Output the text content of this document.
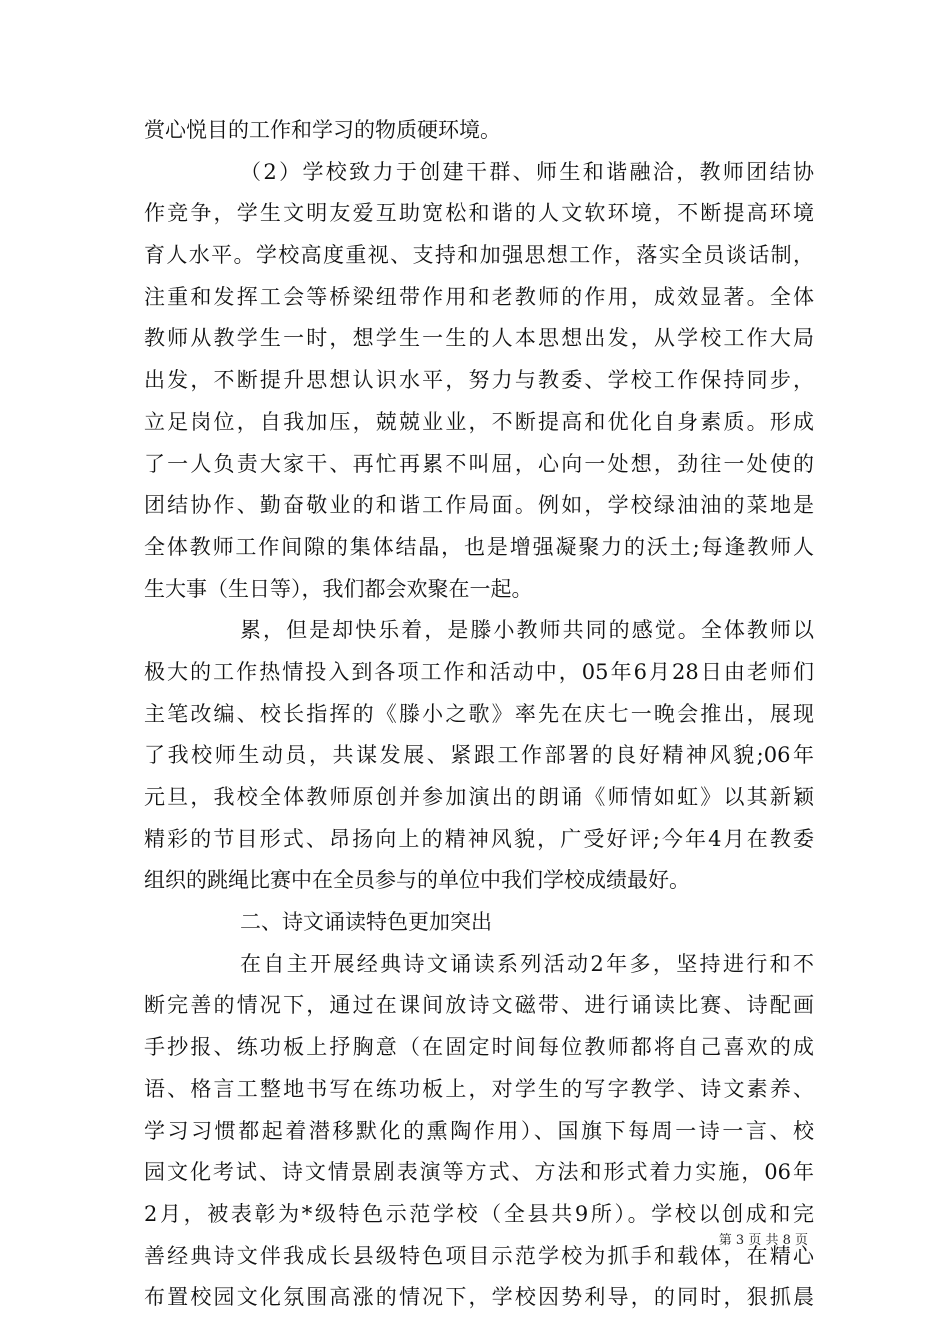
赏心悦目的工作和学习的物质硬环境。
（2）学校致力于创建干群、师生和谐融洽，教师团结协
作竞争，学生文明友爱互助宽松和谐的人文软环境，不断提高环境
育人水平。学校高度重视、支持和加强思想工作，落实全员谈话制，
注重和发挥工会等桥梁纽带作用和老教师的作用，成效显著。全体
教师从教学生一时，想学生一生的人本思想出发，从学校工作大局
出发，不断提升思想认识水平，努力与教委、学校工作保持同步，
立足岗位，自我加压，兢兢业业，不断提高和优化自身素质。形成
了一人负责大家干、再忙再累不叫屈，心向一处想，劲往一处使的
团结协作、勤奋敬业的和谐工作局面。例如，学校绿油油的菜地是
全体教师工作间隙的集体结晶，也是增强凝聚力的沃土;每逢教师人
生大事（生日等），我们都会欢聚在一起。
累，但是却快乐着，是滕小教师共同的感觉。全体教师以
极大的工作热情投入到各项工作和活动中，05年6月28日由老师们
主笔改编、校长指挥的《滕小之歌》率先在庆七一晚会推出，展现
了我校师生动员，共谋发展、紧跟工作部署的良好精神风貌;06年
元旦，我校全体教师原创并参加演出的朗诵《师情如虹》以其新颖
精彩的节目形式、昂扬向上的精神风貌，广受好评;今年4月在教委
组织的跳绳比赛中在全员参与的单位中我们学校成绩最好。
二、诗文诵读特色更加突出
在自主开展经典诗文诵读系列活动2年多，坚持进行和不
断完善的情况下，通过在课间放诗文磁带、进行诵读比赛、诗配画
手抄报、练功板上抒胸意（在固定时间每位教师都将自己喜欢的成
语、格言工整地书写在练功板上，对学生的写字教学、诗文素养、
学习习惯都起着潜移默化的熏陶作用）、国旗下每周一诗一言、校
园文化考试、诗文情景剧表演等方式、方法和形式着力实施，06年
2月，被表彰为*级特色示范学校（全县共9所）。学校以创成和完
善经典诗文伴我成长县级特色项目示范学校为抓手和载体，在精心
布置校园文化氛围高涨的情况下，学校因势利导，的同时，狠抓晨
第 3 页 共 8 页
